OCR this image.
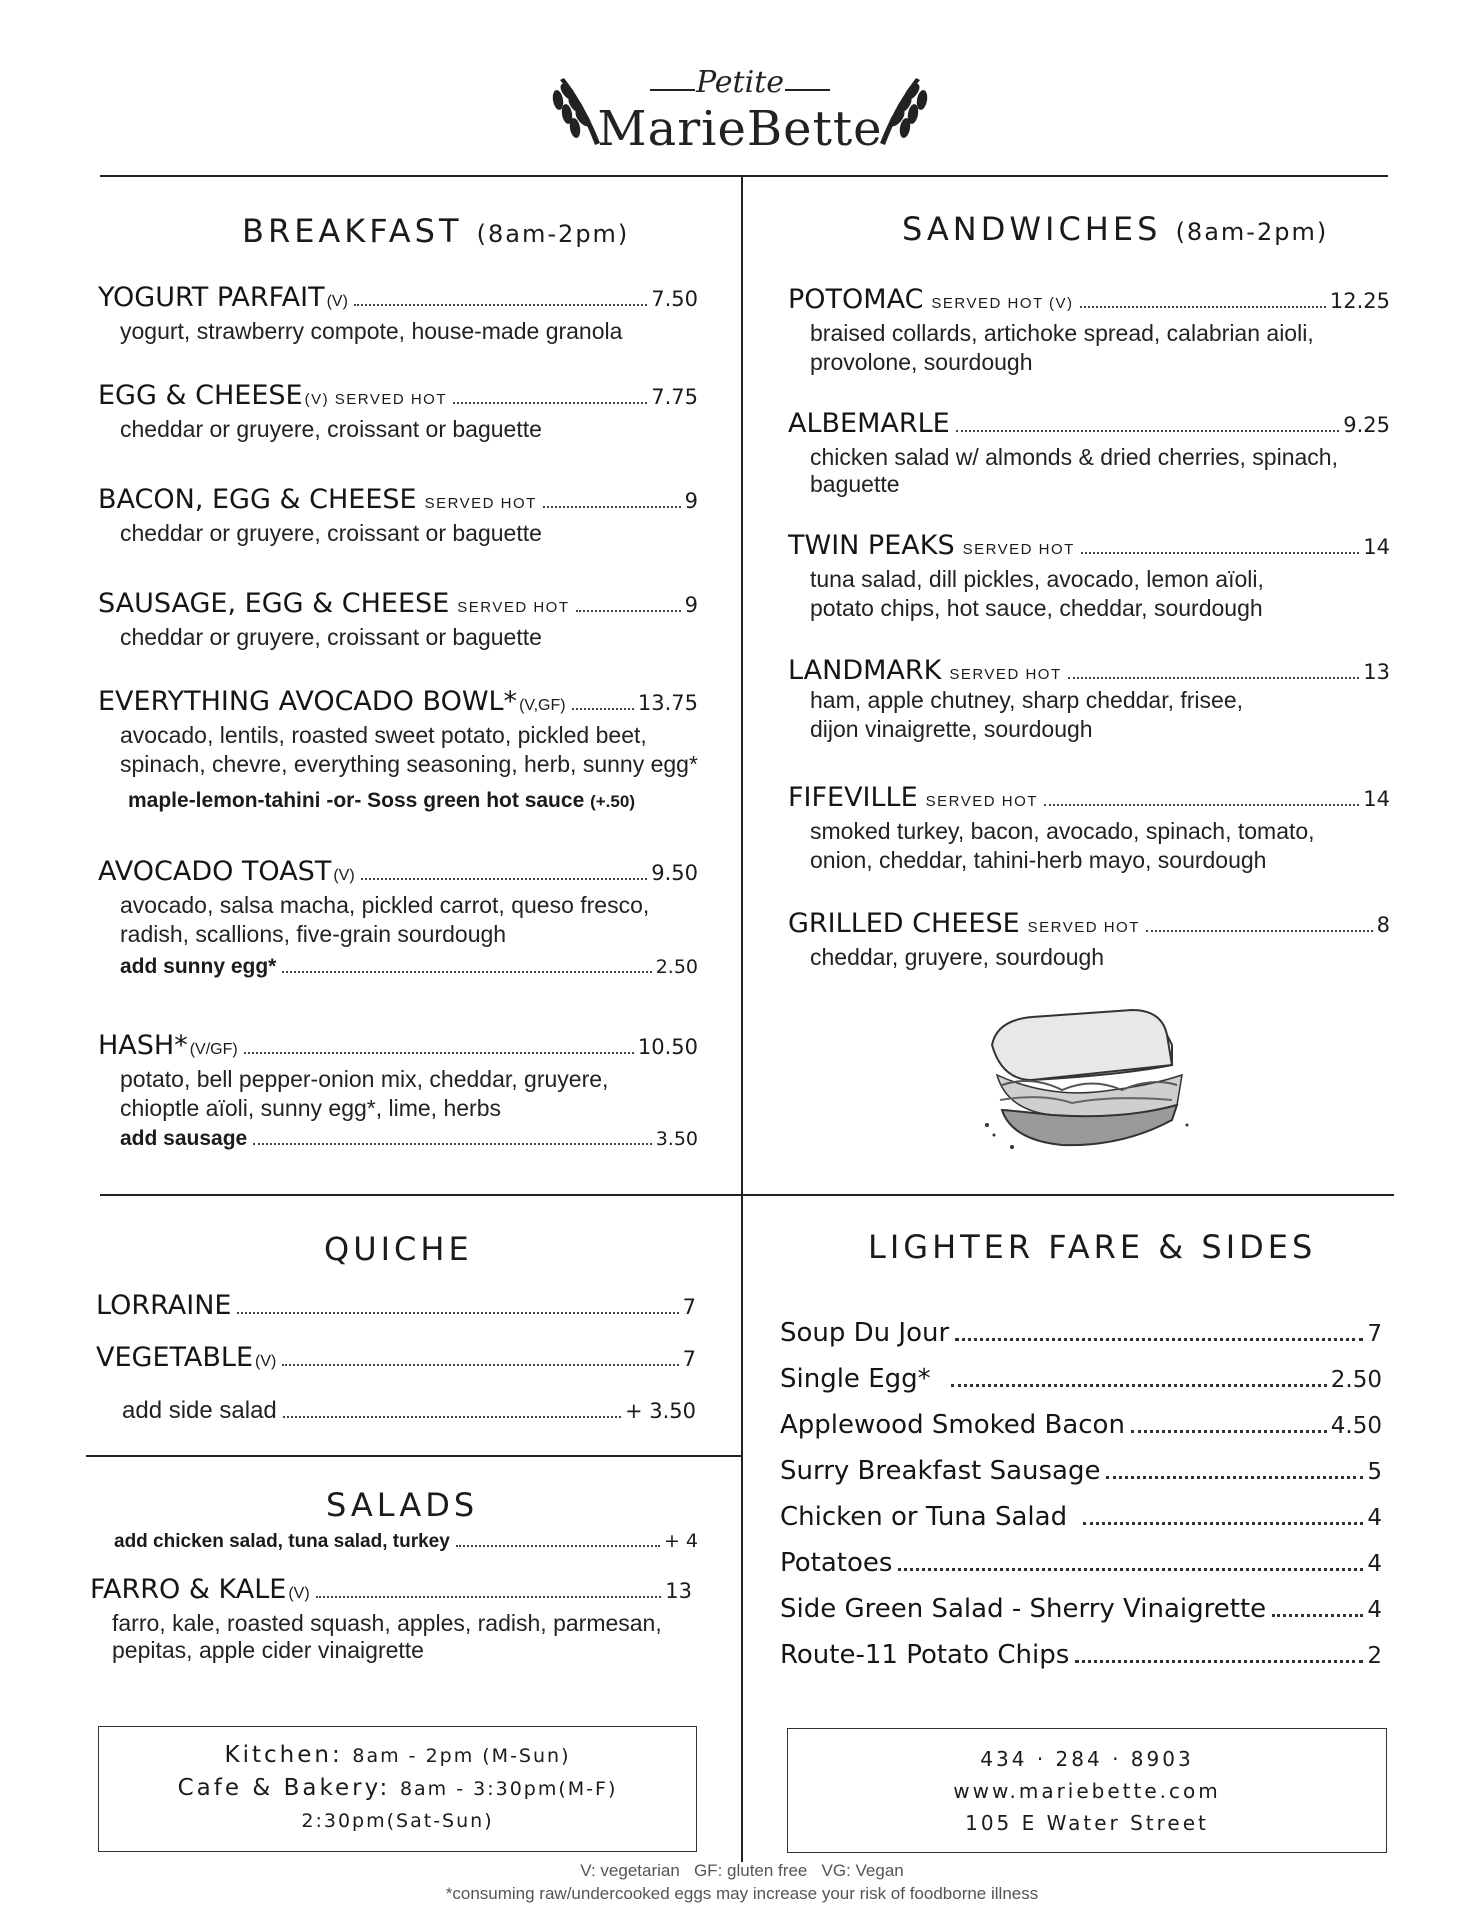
Petite
MarieBette
BREAKFAST (8am-2pm)
YOGURT PARFAIT (V)	7.50
yogurt, strawberry compote, house-made granola
EGG & CHEESE (V) SERVED HOT	7.75
cheddar or gruyere, croissant or baguette
BACON, EGG & CHEESE SERVED HOT	9
cheddar or gruyere, croissant or baguette
SAUSAGE, EGG & CHEESE SERVED HOT	9
cheddar or gruyere, croissant or baguette
EVERYTHING AVOCADO BOWL* (V,GF)	13.75
avocado, lentils, roasted sweet potato, pickled beet,
spinach, chevre, everything seasoning, herb, sunny egg*
maple-lemon-tahini -or- Soss green hot sauce (+.50)
AVOCADO TOAST (V)	9.50
avocado, salsa macha, pickled carrot, queso fresco,
radish, scallions, five-grain sourdough
add sunny egg*	2.50
HASH* (V/GF)	10.50
potato, bell pepper-onion mix, cheddar, gruyere,
chioptle aïoli, sunny egg*, lime, herbs
add sausage	3.50
SANDWICHES (8am-2pm)
POTOMAC SERVED HOT (V)	12.25
braised collards, artichoke spread, calabrian aioli,
provolone, sourdough
ALBEMARLE	9.25
chicken salad w/ almonds & dried cherries, spinach,
baguette
TWIN PEAKS SERVED HOT	14
tuna salad, dill pickles, avocado, lemon aïoli,
potato chips, hot sauce, cheddar, sourdough
LANDMARK SERVED HOT	13
ham, apple chutney, sharp cheddar, frisee,
dijon vinaigrette, sourdough
FIFEVILLE SERVED HOT	14
smoked turkey, bacon, avocado, spinach, tomato,
onion, cheddar, tahini-herb mayo, sourdough
GRILLED CHEESE SERVED HOT	8
cheddar, gruyere, sourdough
QUICHE
LORRAINE	7
VEGETABLE (V)	7
add side salad	+ 3.50
SALADS
add chicken salad, tuna salad, turkey	+ 4
FARRO & KALE (V)	13
farro, kale, roasted squash, apples, radish, parmesan,
pepitas, apple cider vinaigrette
LIGHTER FARE & SIDES
Soup Du Jour	7
Single Egg*	2.50
Applewood Smoked Bacon	4.50
Surry Breakfast Sausage	5
Chicken or Tuna Salad	4
Potatoes	4
Side Green Salad - Sherry Vinaigrette	4
Route-11 Potato Chips	2
Kitchen: 8am - 2pm (M-Sun)
Cafe & Bakery: 8am - 3:30pm(M-F)
2:30pm(Sat-Sun)
434 · 284 · 8903
www.mariebette.com
105 E Water Street
V: vegetarian   GF: gluten free   VG: Vegan
*consuming raw/undercooked eggs may increase your risk of foodborne illness
